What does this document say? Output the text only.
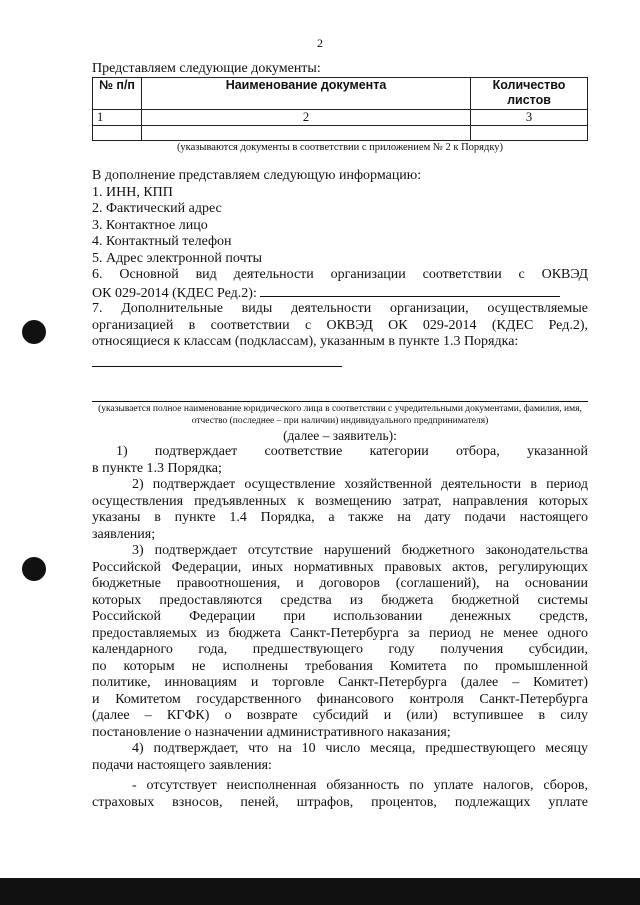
2
Представляем следующие документы:
№ п/п	Наименование документа	Количество листов
1	2	3

(указываются документы в соответствии с приложением № 2 к Порядку)

В дополнение представляем следующую информацию:

1. ИНН, КПП

2. Фактический адрес

3. Контактное лицо

4. Контактный телефон

5. Адрес электронной почты

6. Основной вид деятельности организации соответствии с ОКВЭД

ОК 029-2014 (КДЕС Ред.2):

7. Дополнительные виды деятельности организации, осуществляемые

организацией в соответствии с ОКВЭД ОК 029-2014 (КДЕС Ред.2),

относящиеся к классам (подклассам), указанным в пункте 1.3 Порядка:

(указывается полное наименование юридического лица в соответствии с учредительными документами, фамилия, имя, отчество (последнее – при наличии) индивидуального предпринимателя)
(далее – заявитель):

1) подтверждает соответствие категории отбора, указанной

в пункте 1.3 Порядка;

2) подтверждает осуществление хозяйственной деятельности в период

осуществления предъявленных к возмещению затрат, направления которых

указаны в пункте 1.4 Порядка, а также на дату подачи настоящего

заявления;

3) подтверждает отсутствие нарушений бюджетного законодательства

Российской Федерации, иных нормативных правовых актов, регулирующих

бюджетные правоотношения, и договоров (соглашений), на основании

которых предоставляются средства из бюджета бюджетной системы

Российской Федерации при использовании денежных средств,

предоставляемых из бюджета Санкт-Петербурга за период не менее одного

календарного года, предшествующего году получения субсидии,

по которым не исполнены требования Комитета по промышленной

политике, инновациям и торговле Санкт-Петербурга (далее – Комитет)

и Комитетом государственного финансового контроля Санкт-Петербурга

(далее – КГФК) о возврате субсидий и (или) вступившее в силу

постановление о назначении административного наказания;

4) подтверждает, что на 10 число месяца, предшествующего месяцу

подачи настоящего заявления:

- отсутствует неисполненная обязанность по уплате налогов, сборов,

страховых взносов, пеней, штрафов, процентов, подлежащих уплате
